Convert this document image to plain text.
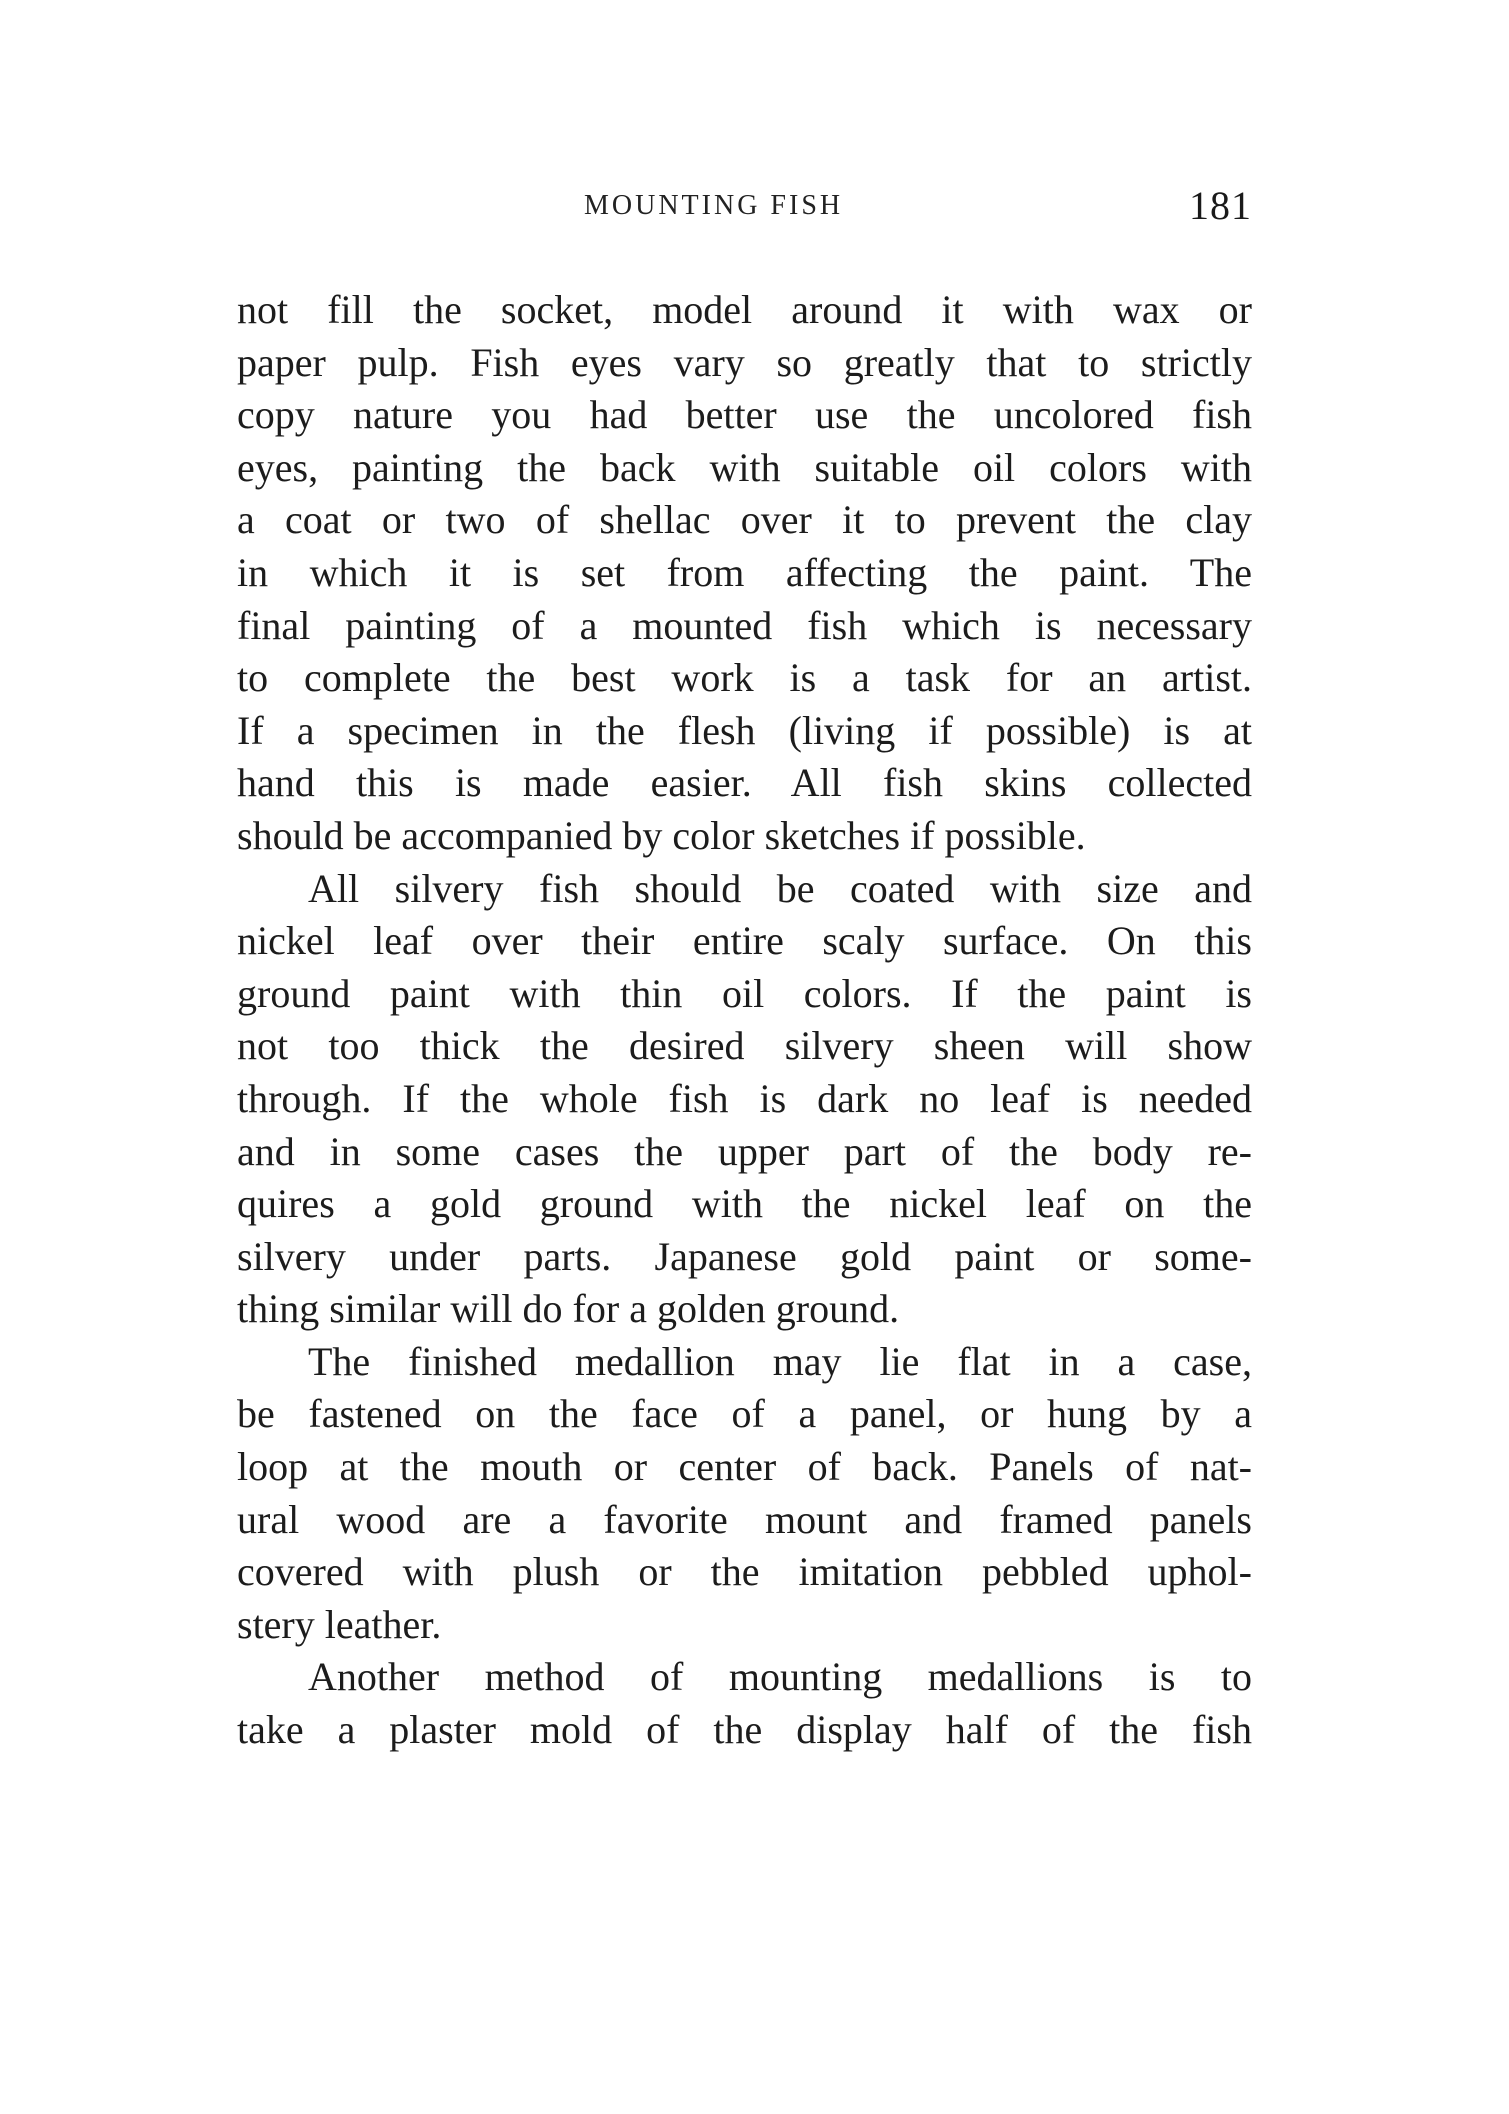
MOUNTING FISH	181
not fill the socket, model around it with wax or
paper pulp. Fish eyes vary so greatly that to strictly
copy nature you had better use the uncolored fish
eyes, painting the back with suitable oil colors with
a coat or two of shellac over it to prevent the clay
in which it is set from affecting the paint. The
final painting of a mounted fish which is necessary
to complete the best work is a task for an artist.
If a specimen in the flesh (living if possible) is at
hand this is made easier. All fish skins collected
should be accompanied by color sketches if possible.
All silvery fish should be coated with size and
nickel leaf over their entire scaly surface. On this
ground paint with thin oil colors. If the paint is
not too thick the desired silvery sheen will show
through. If the whole fish is dark no leaf is needed
and in some cases the upper part of the body re-
quires a gold ground with the nickel leaf on the
silvery under parts. Japanese gold paint or some-
thing similar will do for a golden ground.
The finished medallion may lie flat in a case,
be fastened on the face of a panel, or hung by a
loop at the mouth or center of back. Panels of nat-
ural wood are a favorite mount and framed panels
covered with plush or the imitation pebbled uphol-
stery leather.
Another method of mounting medallions is to
take a plaster mold of the display half of the fish
